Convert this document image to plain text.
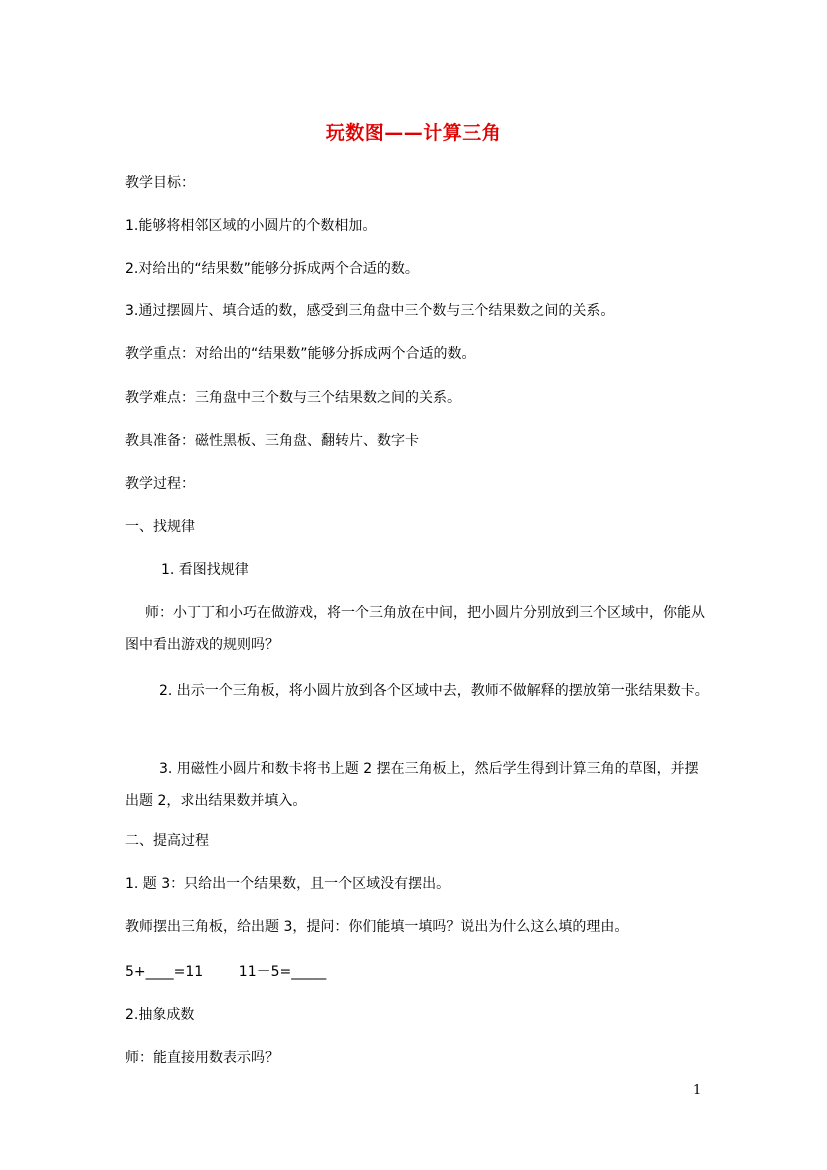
玩数图——计算三角
教学目标：
1.能够将相邻区域的小圆片的个数相加。
2.对给出的“结果数”能够分拆成两个合适的数。
3.通过摆圆片、填合适的数，感受到三角盘中三个数与三个结果数之间的关系。
教学重点：对给出的“结果数”能够分拆成两个合适的数。
教学难点：三角盘中三个数与三个结果数之间的关系。
教具准备：磁性黑板、三角盘、翻转片、数字卡
教学过程：
一、找规律
1. 看图找规律
师：小丁丁和小巧在做游戏，将一个三角放在中间，把小圆片分别放到三个区域中，你能从图中看出游戏的规则吗？
2. 出示一个三角板，将小圆片放到各个区域中去，教师不做解释的摆放第一张结果数卡。
3. 用磁性小圆片和数卡将书上题 2 摆在三角板上，然后学生得到计算三角的草图，并摆出题 2，求出结果数并填入。
二、提高过程
1. 题 3：只给出一个结果数，且一个区域没有摆出。
教师摆出三角板，给出题 3，提问：你们能填一填吗？说出为什么这么填的理由。
5+____=11        11－5=_____
2.抽象成数
师：能直接用数表示吗？
1
